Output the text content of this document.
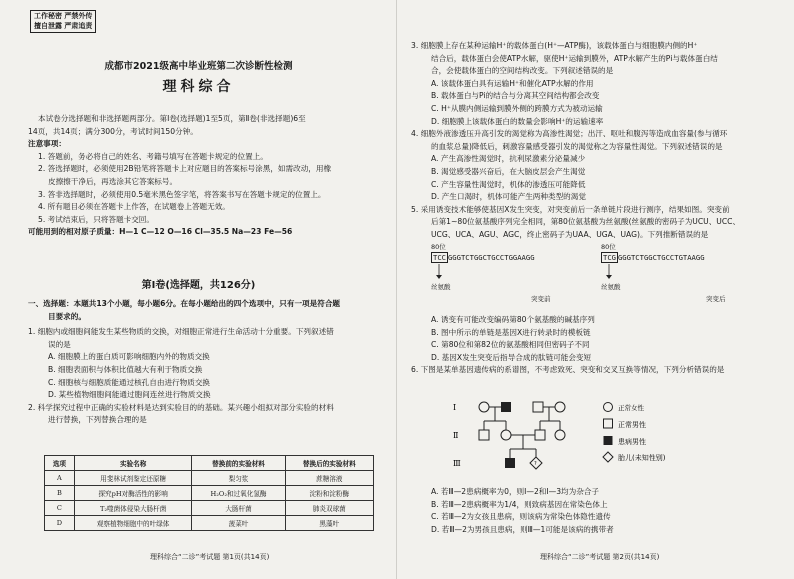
工作秘密 严禁外传
擅自泄露 严肃追责
成都市2021级高中毕业班第二次诊断性检测
理科综合

本试卷分选择题和非选择题两部分。第Ⅰ卷(选择题)1至5页，第Ⅱ卷(非选择题)6至

14页，共14页；满分300分，考试时间150分钟。

注意事项：

1. 答题前，务必将自己的姓名、考籍号填写在答题卡规定的位置上。

2. 答选择题时，必须使用2B铅笔将答题卡上对应题目的答案标号涂黑，如需改动，用橡

皮擦擦干净后，再选涂其它答案标号。

3. 答非选择题时，必须使用0.5毫米黑色签字笔，将答案书写在答题卡规定的位置上。

4. 所有题目必须在答题卡上作答，在试题卷上答题无效。

5. 考试结束后，只将答题卡交回。

可能用到的相对原子质量：H—1 C—12 O—16 Cl—35.5 Na—23 Fe—56

第Ⅰ卷(选择题，共126分)

一、选择题：本题共13个小题，每小题6分。在每小题给出的四个选项中，只有一项是符合题

目要求的。

1. 细胞内或细胞间能发生某些物质的交换，对细胞正常进行生命活动十分重要。下列叙述错

误的是

A. 细胞膜上的蛋白质可影响细胞内外的物质交换

B. 细胞表面积与体积比值越大有利于物质交换

C. 细胞核与细胞质能通过核孔自由进行物质交换

D. 某些植物细胞间能通过胞间连丝进行物质交换

2. 科学探究过程中正确的实验材料是达到实验目的的基础。某兴趣小组拟对部分实验的材料

进行替换，下列替换合理的是

选项	实验名称	替换前的实验材料	替换后的实验材料
A	用斐林试剂鉴定还原糖	梨匀浆	蔗糖溶液
B	探究pH对酶活性的影响	H₂O₂和过氧化氢酶	淀粉和淀粉酶
C	T₂噬菌体侵染大肠杆菌	大肠杆菌	肺炎双球菌
D	观察植物细胞中的叶绿体	菠菜叶	黑藻叶
理科综合“二诊”考试题 第1页(共14页)

3. 细胞膜上存在某种运输H⁺的载体蛋白(H⁺—ATP酶)，该载体蛋白与细胞膜内侧的H⁺

结合后，载体蛋白会使ATP水解，驱使H⁺运输到膜外，ATP水解产生的Pi与载体蛋白结

合，会使载体蛋白的空间结构改变。下列叙述错误的是

A. 该载体蛋白具有运输H⁺和催化ATP水解的作用

B. 载体蛋白与Pi的结合与分离其空间结构都会改变

C. H⁺从膜内侧运输到膜外侧的跨膜方式为被动运输

D. 细胞膜上该载体蛋白的数量会影响H⁺的运输速率

4. 细胞外液渗透压升高引发的渴觉称为高渗性渴觉；出汗、呕吐和腹泻等造成血容量(参与循环

的血浆总量)降低后，刺激容量感受器引发的渴觉称之为容量性渴觉。下列叙述错误的是

A. 产生高渗性渴觉时，抗利尿激素分泌量减少

B. 渴觉感受器兴奋后，在大脑皮层会产生渴觉

C. 产生容量性渴觉时，机体的渗透压可能降低

D. 产生口渴时，机体可能产生两种类型的渴觉

5. 采用诱变技术能够使基因X发生突变，对突变前后一条单链片段进行测序，结果如图。突变前

后第1~80位氨基酸序列完全相同，第80位氨基酸为丝氨酸(丝氨酸的密码子为UCU、UCC、

UCG、UCA、AGU、AGC，终止密码子为UAA、UGA、UAG)。下列推断错误的是

80位	80位
TCC GGGTCTGGCTGCCTGGAAGG	TCG GGGTCTGGCTGCCTGTAAGG
丝氨酸	丝氨酸
突变前	突变后

A. 诱变有可能改变编码第80个氨基酸的碱基序列

B. 图中所示的单链是基因X进行转录时的模板链

C. 第80位和第82位的氨基酸相同但密码子不同

D. 基因X发生突变后指导合成的肽链可能会变短

6. 下图是某单基因遗传病的系谱图，不考虑致死、突变和交叉互换等情况，下列分析错误的是

Ⅰ
Ⅱ
Ⅲ	?
正常女性
正常男性
患病男性
胎儿(未知性别)

A. 若Ⅲ—2患病概率为0，则Ⅰ—2和Ⅰ—3均为杂合子

B. 若Ⅲ—2患病概率为1/4，则致病基因在常染色体上

C. 若Ⅲ—2为女孩且患病，则该病为常染色体隐性遗传

D. 若Ⅲ—2为男孩且患病，则Ⅲ—1可能是该病的携带者

理科综合“二诊”考试题 第2页(共14页)
